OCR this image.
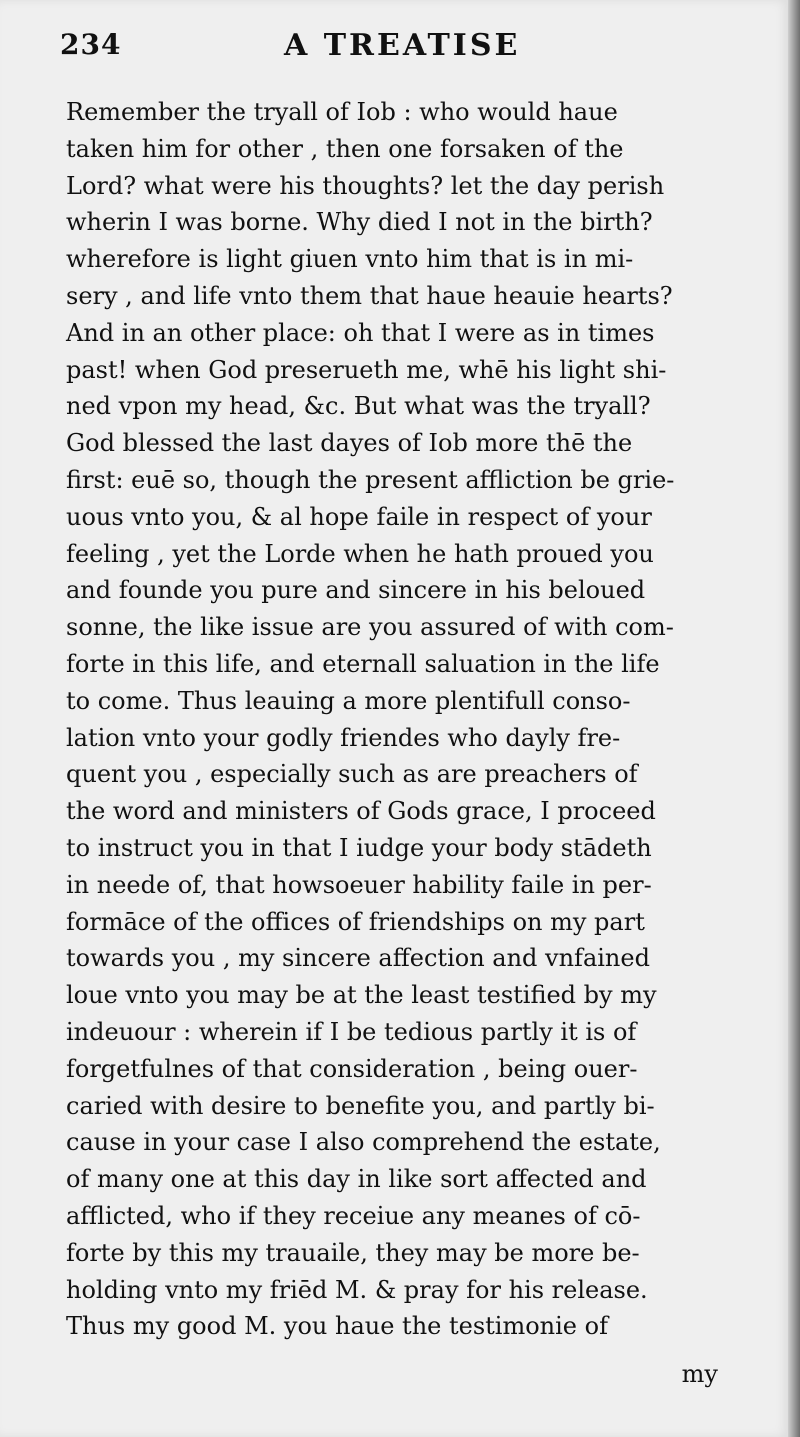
234	A TREATISE
Remember the tryall of Iob : who would haue
taken him for other , then one forsaken of the
Lord? what were his thoughts? let the day perish
wherin I was borne. Why died I not in the birth?
wherefore is light giuen vnto him that is in mi-
sery , and life vnto them that haue heauie hearts?
And in an other place: oh that I were as in times
past! when God preserueth me, whē his light shi-
ned vpon my head, &c. But what was the tryall?
God blessed the last dayes of Iob more thē the
first: euē so, though the present affliction be grie-
uous vnto you, & al hope faile in respect of your
feeling , yet the Lorde when he hath proued you
and founde you pure and sincere in his beloued
sonne, the like issue are you assured of with com-
forte in this life, and eternall saluation in the life
to come. Thus leauing a more plentifull conso-
lation vnto your godly friendes who dayly fre-
quent you , especially such as are preachers of
the word and ministers of Gods grace, I proceed
to instruct you in that I iudge your body stādeth
in neede of, that howsoeuer hability faile in per-
formāce of the offices of friendships on my part
towards you , my sincere affection and vnfained
loue vnto you may be at the least testified by my
indeuour : wherein if I be tedious partly it is of
forgetfulnes of that consideration , being ouer-
caried with desire to benefite you, and partly bi-
cause in your case I also comprehend the estate,
of many one at this day in like sort affected and
afflicted, who if they receiue any meanes of cō-
forte by this my trauaile, they may be more be-
holding vnto my friēd M. & pray for his release.
Thus my good M. you haue the testimonie of
my
